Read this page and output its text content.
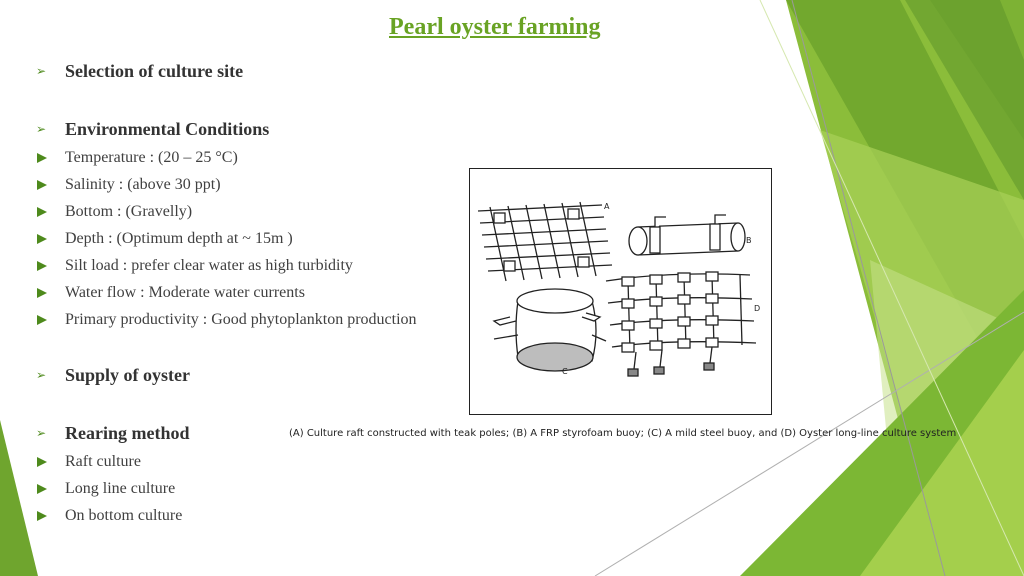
Pearl oyster farming
➢ Selection of culture site
➢ Environmental Conditions
Temperature : (20 – 25 °C)
Salinity : (above 30 ppt)
Bottom : (Gravelly)
Depth : (Optimum depth at ~ 15m )
Silt load : prefer clear water as high turbidity
Water flow : Moderate water currents
Primary productivity : Good phytoplankton production
➢ Supply of oyster
➢ Rearing method
Raft culture
Long line culture
On bottom culture
A
B
C
D
(A) Culture raft constructed with teak poles; (B) A FRP styrofoam buoy; (C) A mild steel buoy, and (D) Oyster long-line culture system
